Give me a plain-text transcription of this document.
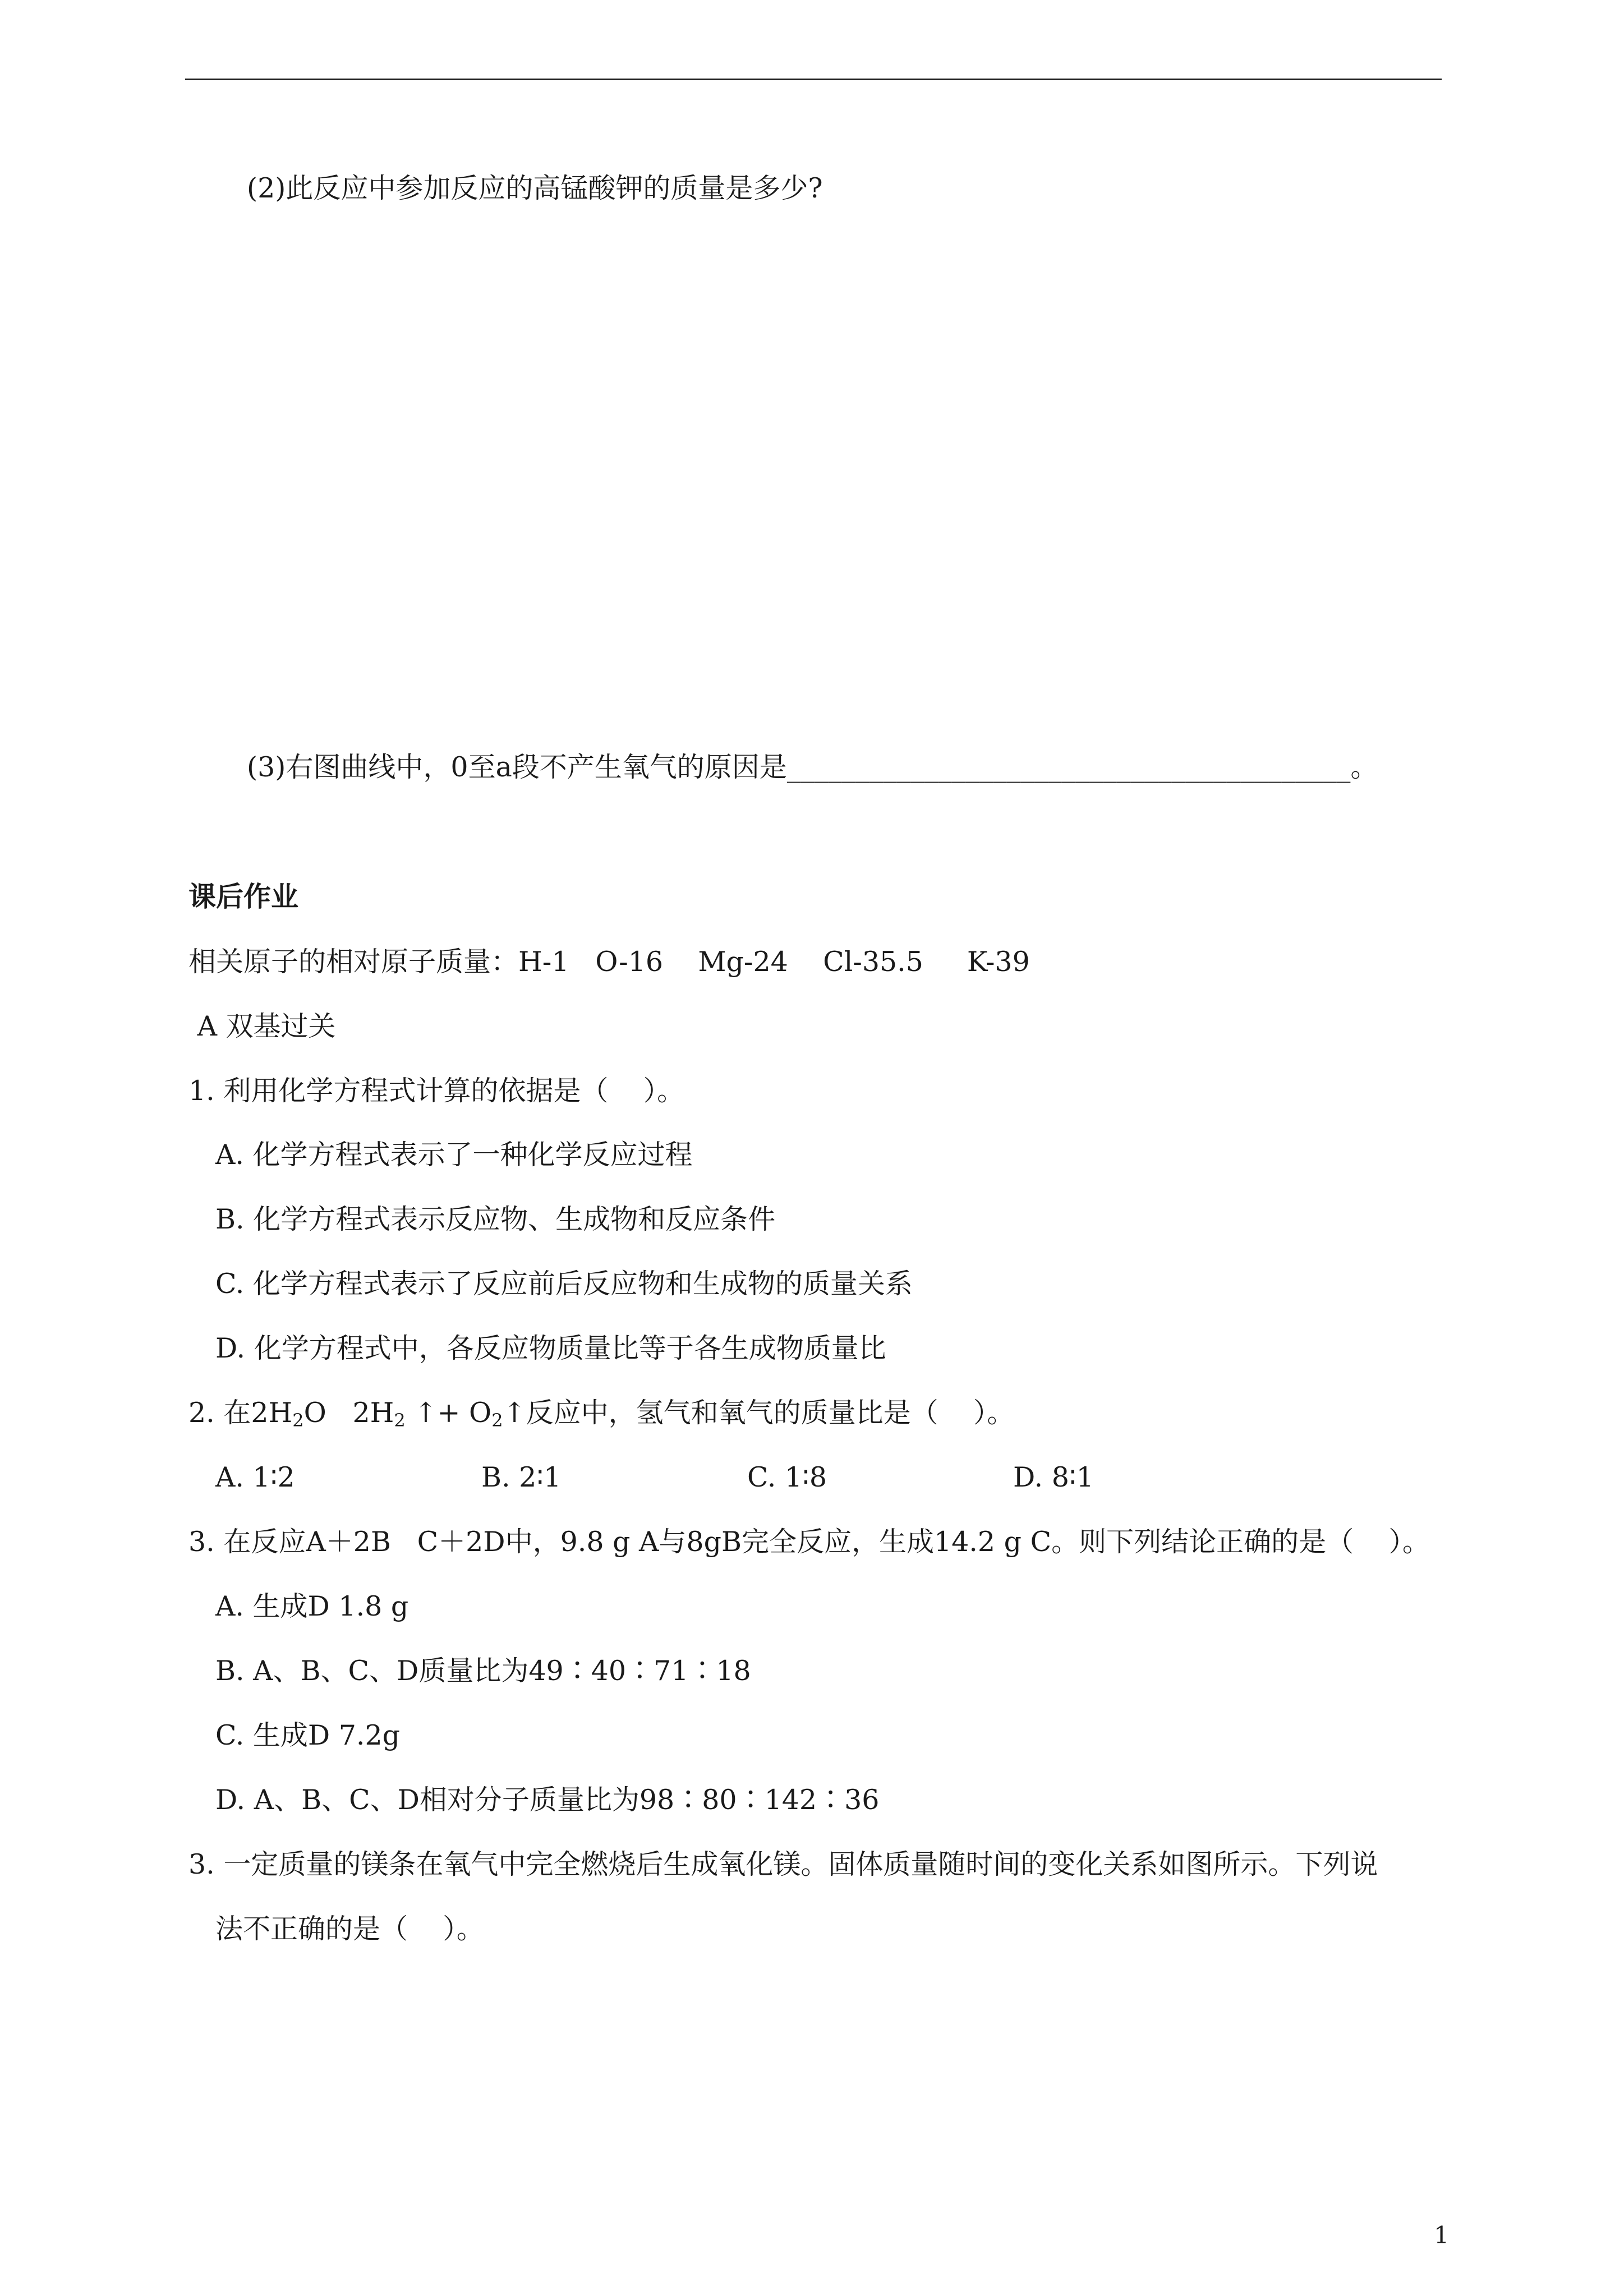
(2)此反应中参加反应的高锰酸钾的质量是多少?
(3)右图曲线中，0至a段不产生氧气的原因是_________________________________________。
课后作业
相关原子的相对原子质量：H-1   O-16    Mg-24    Cl-35.5     K-39
A 双基过关
1. 利用化学方程式计算的依据是（    ）。
A. 化学方程式表示了一种化学反应过程
B. 化学方程式表示反应物、生成物和反应条件
C. 化学方程式表示了反应前后反应物和生成物的质量关系
D. 化学方程式中，各反应物质量比等于各生成物质量比
2. 在$2H_2O$   $2H_2$ ↑+ $O_2↑$反应中，氢气和氧气的质量比是（    ）。
A. 1∶2	B. 2∶1	C. 1∶8	D. 8∶1
3. 在反应A＋2B   C＋2D中，9.8 g A与8gB完全反应，生成14.2 g C。则下列结论正确的是（    ）。
A. 生成D 1.8 g
B. A、B、C、D质量比为49∶40∶71∶18
C. 生成D 7.2g
D. A、B、C、D相对分子质量比为98∶80∶142∶36
3. 一定质量的镁条在氧气中完全燃烧后生成氧化镁。固体质量随时间的变化关系如图所示。下列说
法不正确的是（    ）。
1
